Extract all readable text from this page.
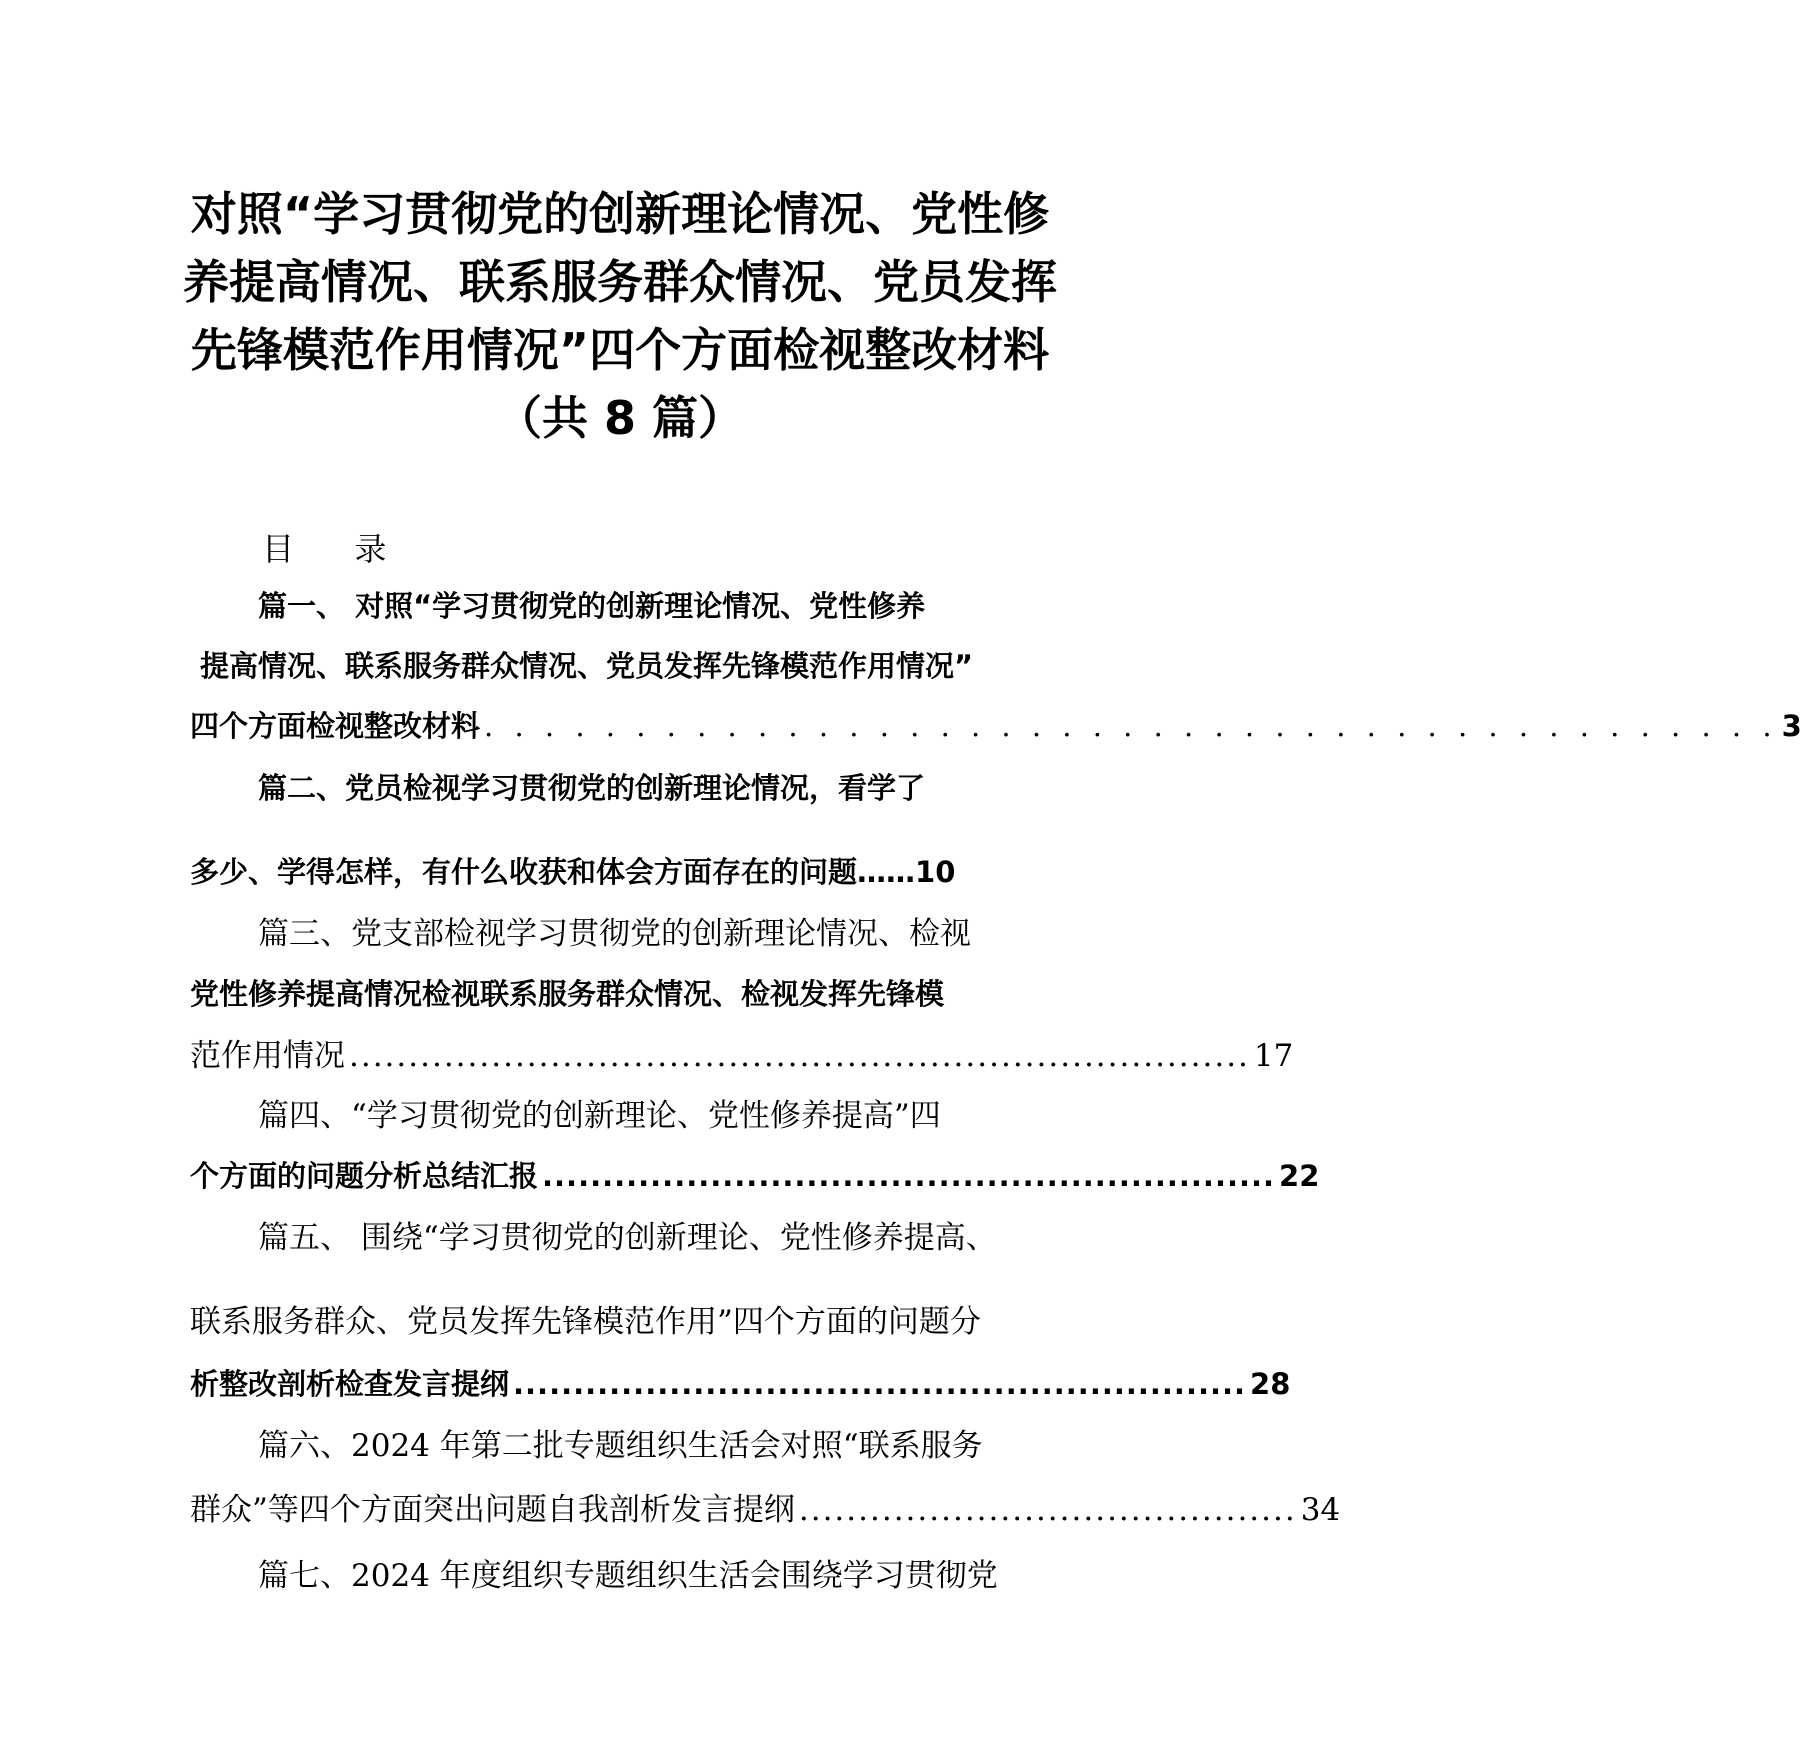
对照“学习贯彻党的创新理论情况、党性修
养提高情况、联系服务群众情况、党员发挥
先锋模范作用情况”四个方面检视整改材料
（共 8 篇）
目 录
篇一、 对照“学习贯彻党的创新理论情况、党性修养
提高情况、联系服务群众情况、党员发挥先锋模范作用情况”
四个方面检视整改材料 . . . . . . . . . . . . . . . . . . . . . . . . . . . . . . . . . . . . . . . . . . . 3
篇二、党员检视学习贯彻党的创新理论情况，看学了
多少、学得怎样，有什么收获和体会方面存在的问题…… 10
篇三、党支部检视学习贯彻党的创新理论情况、检视
党性修养提高情况检视联系服务群众情况、检视发挥先锋模
范作用情况 ............................................................................ 17
篇四、“学习贯彻党的创新理论、党性修养提高”四
个方面的问题分析总结汇报 ............................................................. 22
篇五、 围绕“学习贯彻党的创新理论、党性修养提高、
联系服务群众、党员发挥先锋模范作用”四个方面的问题分
析整改剖析检查发言提纲 ............................................................. 28
篇六、2024 年第二批专题组织生活会对照“联系服务
群众”等四个方面突出问题自我剖析发言提纲 .......................................... 34
篇七、2024 年度组织专题组织生活会围绕学习贯彻党
